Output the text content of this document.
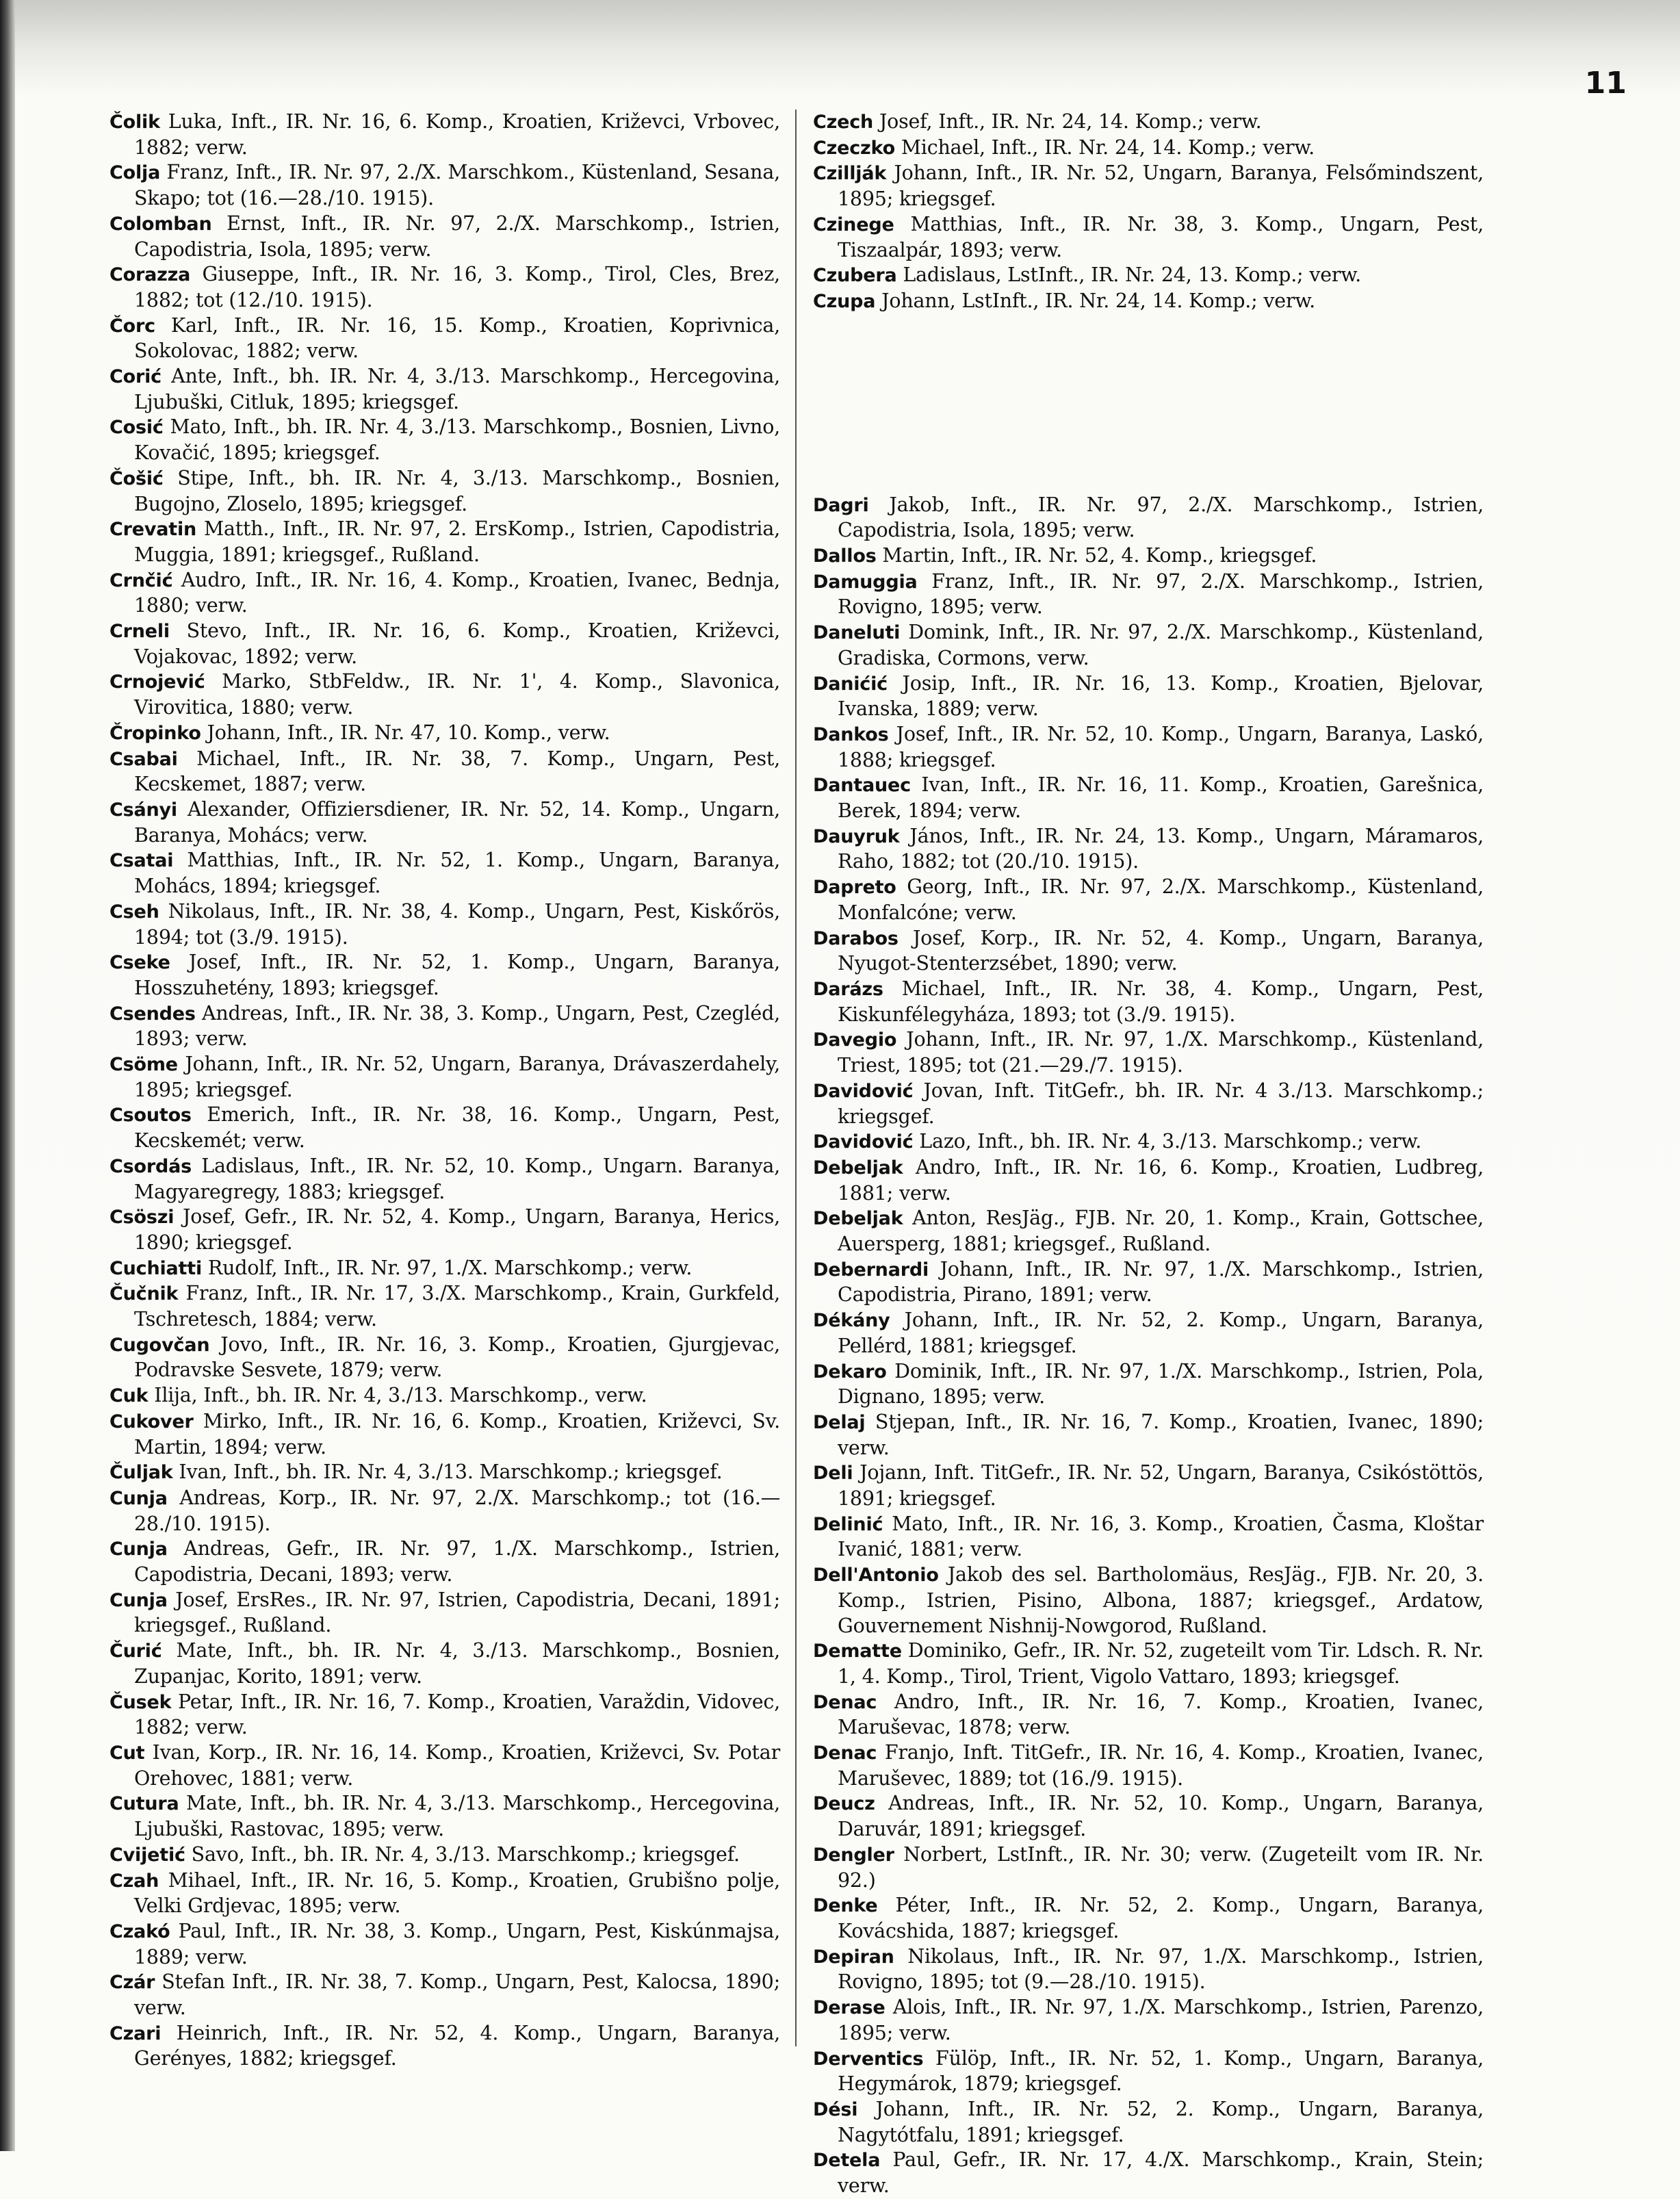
11

Čolik Luka, Inft., IR. Nr. 16, 6. Komp., Kroatien, Križevci, Vrbovec, 1882; verw.

Colja Franz, Inft., IR. Nr. 97, 2./X. Marschkom., Küstenland, Sesana, Skapo; tot (16.—28./10. 1915).

Colomban Ernst, Inft., IR. Nr. 97, 2./X. Marschkomp., Istrien, Capodistria, Isola, 1895; verw.

Corazza Giuseppe, Inft., IR. Nr. 16, 3. Komp., Tirol, Cles, Brez, 1882; tot (12./10. 1915).

Čorc Karl, Inft., IR. Nr. 16, 15. Komp., Kroatien, Koprivnica, Sokolovac, 1882; verw.

Corić Ante, Inft., bh. IR. Nr. 4, 3./13. Marschkomp., Hercegovina, Ljubuški, Citluk, 1895; kriegsgef.

Cosić Mato, Inft., bh. IR. Nr. 4, 3./13. Marschkomp., Bosnien, Livno, Kovačić, 1895; kriegsgef.

Čošić Stipe, Inft., bh. IR. Nr. 4, 3./13. Marschkomp., Bosnien, Bugojno, Zloselo, 1895; kriegsgef.

Crevatin Matth., Inft., IR. Nr. 97, 2. ErsKomp., Istrien, Capodistria, Muggia, 1891; kriegsgef., Rußland.

Crnčić Audro, Inft., IR. Nr. 16, 4. Komp., Kroatien, Ivanec, Bednja, 1880; verw.

Crneli Stevo, Inft., IR. Nr. 16, 6. Komp., Kroatien, Križevci, Vojakovac, 1892; verw.

Crnojević Marko, StbFeldw., IR. Nr. 1', 4. Komp., Slavonica, Virovitica, 1880; verw.

Čropinko Johann, Inft., IR. Nr. 47, 10. Komp., verw.

Csabai Michael, Inft., IR. Nr. 38, 7. Komp., Ungarn, Pest, Kecskemet, 1887; verw.

Csányi Alexander, Offiziersdiener, IR. Nr. 52, 14. Komp., Ungarn, Baranya, Mohács; verw.

Csatai Matthias, Inft., IR. Nr. 52, 1. Komp., Ungarn, Baranya, Mohács, 1894; kriegsgef.

Cseh Nikolaus, Inft., IR. Nr. 38, 4. Komp., Ungarn, Pest, Kiskőrös, 1894; tot (3./9. 1915).

Cseke Josef, Inft., IR. Nr. 52, 1. Komp., Ungarn, Baranya, Hosszuhetény, 1893; kriegsgef.

Csendes Andreas, Inft., IR. Nr. 38, 3. Komp., Ungarn, Pest, Czegléd, 1893; verw.

Csöme Johann, Inft., IR. Nr. 52, Ungarn, Baranya, Drávaszerdahely, 1895; kriegsgef.

Csoutos Emerich, Inft., IR. Nr. 38, 16. Komp., Ungarn, Pest, Kecskemét; verw.

Csordás Ladislaus, Inft., IR. Nr. 52, 10. Komp., Ungarn. Baranya, Magyaregregy, 1883; kriegsgef.

Csöszi Josef, Gefr., IR. Nr. 52, 4. Komp., Ungarn, Baranya, Herics, 1890; kriegsgef.

Cuchiatti Rudolf, Inft., IR. Nr. 97, 1./X. Marschkomp.; verw.

Čučnik Franz, Inft., IR. Nr. 17, 3./X. Marschkomp., Krain, Gurkfeld, Tschretesch, 1884; verw.

Cugovčan Jovo, Inft., IR. Nr. 16, 3. Komp., Kroatien, Gjurgjevac, Podravske Sesvete, 1879; verw.

Cuk Ilija, Inft., bh. IR. Nr. 4, 3./13. Marschkomp., verw.

Cukover Mirko, Inft., IR. Nr. 16, 6. Komp., Kroatien, Križevci, Sv. Martin, 1894; verw.

Čuljak Ivan, Inft., bh. IR. Nr. 4, 3./13. Marschkomp.; kriegsgef.

Cunja Andreas, Korp., IR. Nr. 97, 2./X. Marschkomp.; tot (16.—28./10. 1915).

Cunja Andreas, Gefr., IR. Nr. 97, 1./X. Marschkomp., Istrien, Capodistria, Decani, 1893; verw.

Cunja Josef, ErsRes., IR. Nr. 97, Istrien, Capodistria, Decani, 1891; kriegsgef., Rußland.

Čurić Mate, Inft., bh. IR. Nr. 4, 3./13. Marschkomp., Bosnien, Zupanjac, Korito, 1891; verw.

Čusek Petar, Inft., IR. Nr. 16, 7. Komp., Kroatien, Varaždin, Vidovec, 1882; verw.

Cut Ivan, Korp., IR. Nr. 16, 14. Komp., Kroatien, Križevci, Sv. Potar Orehovec, 1881; verw.

Cutura Mate, Inft., bh. IR. Nr. 4, 3./13. Marschkomp., Hercegovina, Ljubuški, Rastovac, 1895; verw.

Cvijetić Savo, Inft., bh. IR. Nr. 4, 3./13. Marschkomp.; kriegsgef.

Czah Mihael, Inft., IR. Nr. 16, 5. Komp., Kroatien, Grubišno polje, Velki Grdjevac, 1895; verw.

Czakó Paul, Inft., IR. Nr. 38, 3. Komp., Ungarn, Pest, Kiskúnmajsa, 1889; verw.

Czár Stefan Inft., IR. Nr. 38, 7. Komp., Ungarn, Pest, Kalocsa, 1890; verw.

Czari Heinrich, Inft., IR. Nr. 52, 4. Komp., Ungarn, Baranya, Gerényes, 1882; kriegsgef.

Czech Josef, Inft., IR. Nr. 24, 14. Komp.; verw.

Czeczko Michael, Inft., IR. Nr. 24, 14. Komp.; verw.

Czillják Johann, Inft., IR. Nr. 52, Ungarn, Baranya, Felsőmindszent, 1895; kriegsgef.

Czinege Matthias, Inft., IR. Nr. 38, 3. Komp., Ungarn, Pest, Tiszaalpár, 1893; verw.

Czubera Ladislaus, LstInft., IR. Nr. 24, 13. Komp.; verw.

Czupa Johann, LstInft., IR. Nr. 24, 14. Komp.; verw.

Dagri Jakob, Inft., IR. Nr. 97, 2./X. Marschkomp., Istrien, Capodistria, Isola, 1895; verw.

Dallos Martin, Inft., IR. Nr. 52, 4. Komp., kriegsgef.

Damuggia Franz, Inft., IR. Nr. 97, 2./X. Marschkomp., Istrien, Rovigno, 1895; verw.

Daneluti Domink, Inft., IR. Nr. 97, 2./X. Marschkomp., Küstenland, Gradiska, Cormons, verw.

Danićić Josip, Inft., IR. Nr. 16, 13. Komp., Kroatien, Bjelovar, Ivanska, 1889; verw.

Dankos Josef, Inft., IR. Nr. 52, 10. Komp., Ungarn, Baranya, Laskó, 1888; kriegsgef.

Dantauec Ivan, Inft., IR. Nr. 16, 11. Komp., Kroatien, Garešnica, Berek, 1894; verw.

Dauyruk János, Inft., IR. Nr. 24, 13. Komp., Ungarn, Máramaros, Raho, 1882; tot (20./10. 1915).

Dapreto Georg, Inft., IR. Nr. 97, 2./X. Marschkomp., Küstenland, Monfalcóne; verw.

Darabos Josef, Korp., IR. Nr. 52, 4. Komp., Ungarn, Baranya, Nyugot-Stenterzsébet, 1890; verw.

Darázs Michael, Inft., IR. Nr. 38, 4. Komp., Ungarn, Pest, Kiskunfélegyháza, 1893; tot (3./9. 1915).

Davegio Johann, Inft., IR. Nr. 97, 1./X. Marschkomp., Küstenland, Triest, 1895; tot (21.—29./7. 1915).

Davidović Jovan, Inft. TitGefr., bh. IR. Nr. 4 3./13. Marschkomp.; kriegsgef.

Davidović Lazo, Inft., bh. IR. Nr. 4, 3./13. Marschkomp.; verw.

Debeljak Andro, Inft., IR. Nr. 16, 6. Komp., Kroatien, Ludbreg, 1881; verw.

Debeljak Anton, ResJäg., FJB. Nr. 20, 1. Komp., Krain, Gottschee, Auersperg, 1881; kriegsgef., Rußland.

Debernardi Johann, Inft., IR. Nr. 97, 1./X. Marschkomp., Istrien, Capodistria, Pirano, 1891; verw.

Dékány Johann, Inft., IR. Nr. 52, 2. Komp., Ungarn, Baranya, Pellérd, 1881; kriegsgef.

Dekaro Dominik, Inft., IR. Nr. 97, 1./X. Marschkomp., Istrien, Pola, Dignano, 1895; verw.

Delaj Stjepan, Inft., IR. Nr. 16, 7. Komp., Kroatien, Ivanec, 1890; verw.

Deli Jojann, Inft. TitGefr., IR. Nr. 52, Ungarn, Baranya, Csikóstöttös, 1891; kriegsgef.

Delinić Mato, Inft., IR. Nr. 16, 3. Komp., Kroatien, Časma, Kloštar Ivanić, 1881; verw.

Dell'Antonio Jakob des sel. Bartholomäus, ResJäg., FJB. Nr. 20, 3. Komp., Istrien, Pisino, Albona, 1887; kriegsgef., Ardatow, Gouvernement Nishnij-Nowgorod, Rußland.

Dematte Dominiko, Gefr., IR. Nr. 52, zugeteilt vom Tir. Ldsch. R. Nr. 1, 4. Komp., Tirol, Trient, Vigolo Vattaro, 1893; kriegsgef.

Denac Andro, Inft., IR. Nr. 16, 7. Komp., Kroatien, Ivanec, Maruševac, 1878; verw.

Denac Franjo, Inft. TitGefr., IR. Nr. 16, 4. Komp., Kroatien, Ivanec, Maruševec, 1889; tot (16./9. 1915).

Deucz Andreas, Inft., IR. Nr. 52, 10. Komp., Ungarn, Baranya, Daruvár, 1891; kriegsgef.

Dengler Norbert, LstInft., IR. Nr. 30; verw. (Zugeteilt vom IR. Nr. 92.)

Denke Péter, Inft., IR. Nr. 52, 2. Komp., Ungarn, Baranya, Kovácshida, 1887; kriegsgef.

Depiran Nikolaus, Inft., IR. Nr. 97, 1./X. Marschkomp., Istrien, Rovigno, 1895; tot (9.—28./10. 1915).

Derase Alois, Inft., IR. Nr. 97, 1./X. Marschkomp., Istrien, Parenzo, 1895; verw.

Derventics Fülöp, Inft., IR. Nr. 52, 1. Komp., Ungarn, Baranya, Hegymárok, 1879; kriegsgef.

Dési Johann, Inft., IR. Nr. 52, 2. Komp., Ungarn, Baranya, Nagytótfalu, 1891; kriegsgef.

Detela Paul, Gefr., IR. Nr. 17, 4./X. Marschkomp., Krain, Stein; verw.
